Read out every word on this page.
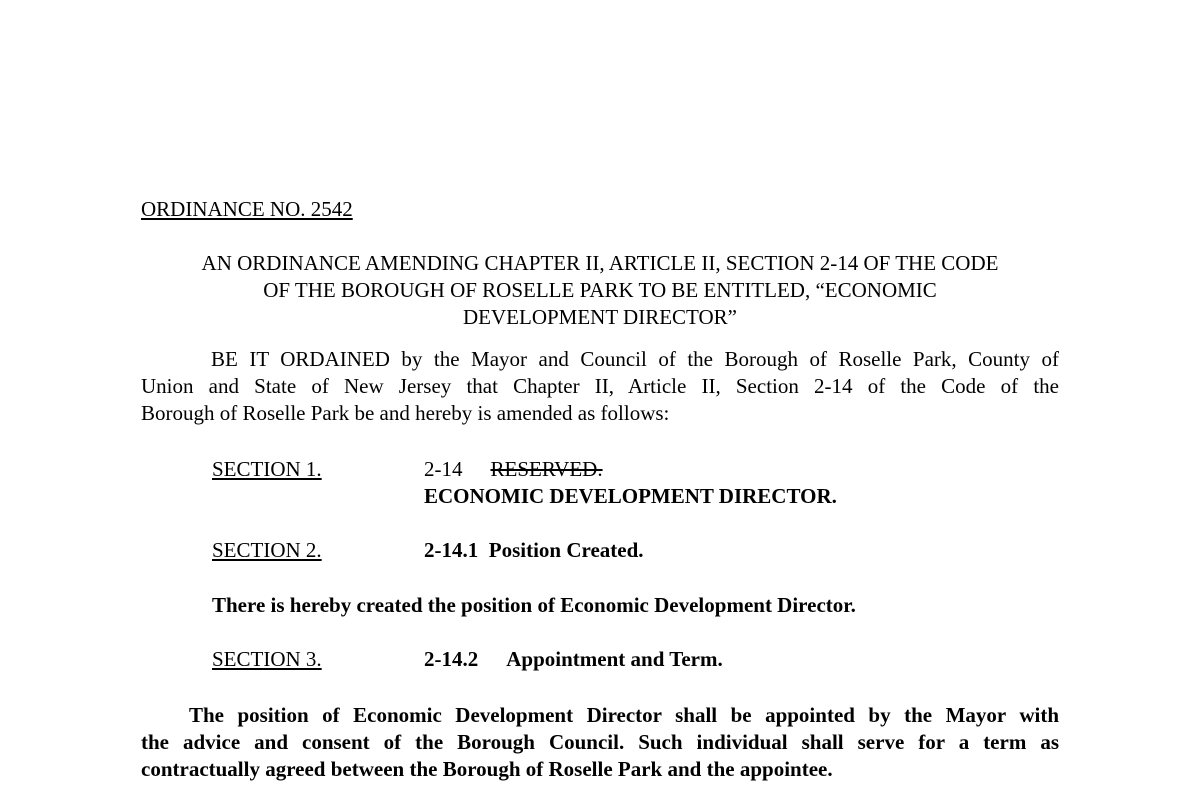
ORDINANCE NO. 2542
AN ORDINANCE AMENDING CHAPTER II, ARTICLE II, SECTION 2-14 OF THE CODE
OF THE BOROUGH OF ROSELLE PARK TO BE ENTITLED, “ECONOMIC
DEVELOPMENT DIRECTOR”
BE IT ORDAINED by the Mayor and Council of the Borough of Roselle Park, County of
Union and State of New Jersey that Chapter II, Article II, Section 2-14 of the Code of the
Borough of Roselle Park be and hereby is amended as follows:
SECTION 1.	2-14 RESERVED.
ECONOMIC DEVELOPMENT DIRECTOR.
SECTION 2.	2-14.1  Position Created.
There is hereby created the position of Economic Development Director.
SECTION 3.	2-14.2 Appointment and Term.
The position of Economic Development Director shall be appointed by the Mayor with
the advice and consent of the Borough Council. Such individual shall serve for a term as
contractually agreed between the Borough of Roselle Park and the appointee.
